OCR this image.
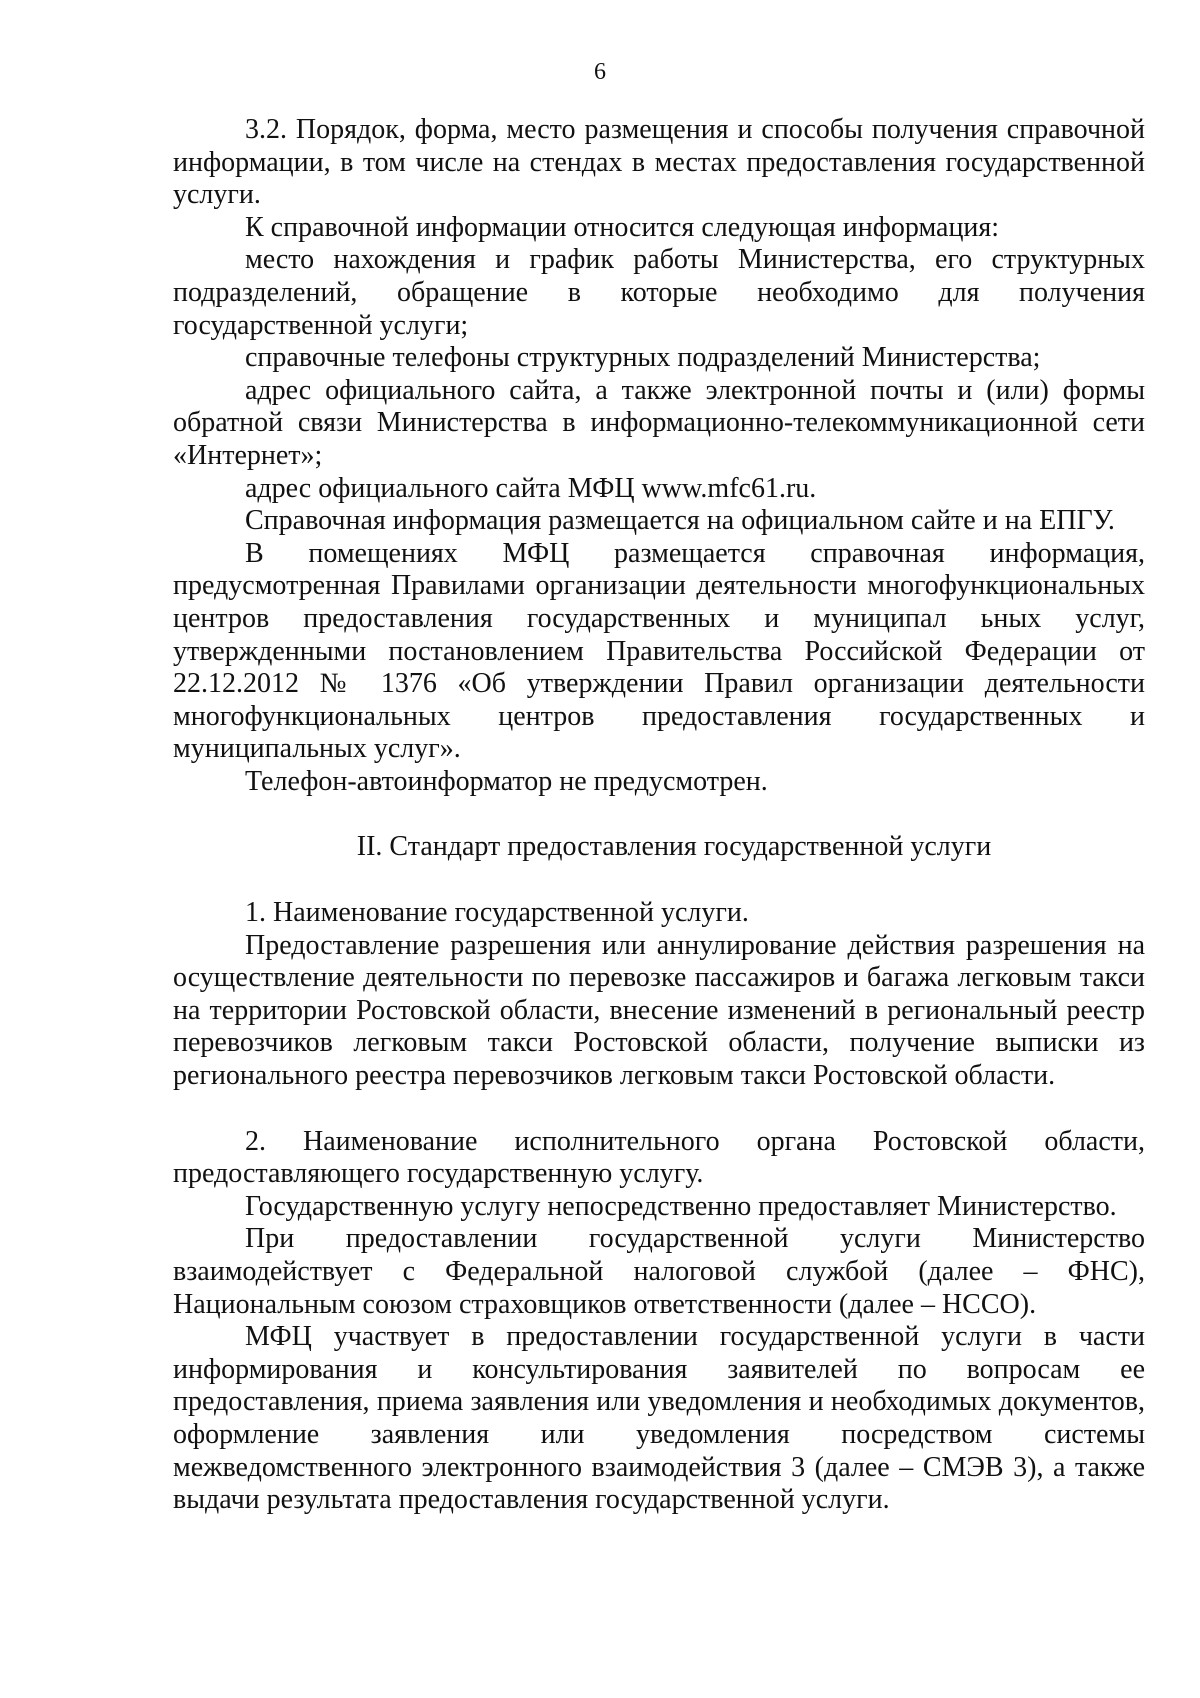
6

3.2. Порядок, форма, место размещения и способы получения справочной информации, в том числе на стендах в местах предоставления государственной услуги.

К справочной информации относится следующая информация:

место нахождения и график работы Министерства, его структурных подразделений, обращение в которые необходимо для получения государственной услуги;

справочные телефоны структурных подразделений Министерства;

адрес официального сайта, а также электронной почты и (или) формы обратной связи Министерства в информационно-телекоммуникационной сети «Интернет»;

адрес официального сайта МФЦ www.mfc61.ru.

Справочная информация размещается на официальном сайте и на ЕПГУ.

В помещениях МФЦ размещается справочная информация, предусмотренная Правилами организации деятельности многофункциональных центров предоставления государственных и муниципал ьных услуг, утвержденными постановлением Правительства Российской Федерации от 22.12.2012 № 1376 «Об утверждении Правил организации деятельности многофункциональных центров предоставления государственных и муниципальных услуг».

Телефон-автоинформатор не предусмотрен.

II. Стандарт предоставления государственной услуги

1. Наименование государственной услуги.

Предоставление разрешения или аннулирование действия разрешения на осуществление деятельности по перевозке пассажиров и багажа легковым такси на территории Ростовской области, внесение изменений в региональный реестр перевозчиков легковым такси Ростовской области, получение выписки из регионального реестра перевозчиков легковым такси Ростовской области.

2. Наименование исполнительного органа Ростовской области, предоставляющего государственную услугу.

Государственную услугу непосредственно предоставляет Министерство.

При предоставлении государственной услуги Министерство взаимодействует с Федеральной налоговой службой (далее – ФНС), Национальным союзом страховщиков ответственности (далее – НССО).

МФЦ участвует в предоставлении государственной услуги в части информирования и консультирования заявителей по вопросам ее предоставления, приема заявления или уведомления и необходимых документов, оформление заявления или уведомления посредством системы межведомственного электронного взаимодействия 3 (далее – СМЭВ 3), а также выдачи результата предоставления государственной услуги.
